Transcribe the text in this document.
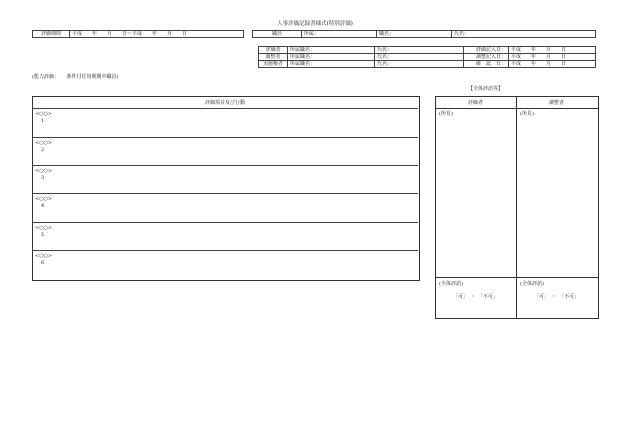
人事評価記録書様式(特別評価)
評価期間	平成　　年　　月　　日〜平成　　年　　月　　日	職員	所属：	職名：	氏名：
評価者	所属職名：	氏名：	評価記入日：	平成　　年　　月　　日
調整者	所属職名：	氏名：	調整記入日：	平成　　年　　月　　日
実施権者	所属職名：	氏名：	確　認　日：	平成　　年　　月　　日
(能力評価：　　条件付任用期間中職員)
【全体評語等】
評価項目及び行動
<○○>
1
<○○>
2
<○○>
3
<○○>
4
<○○>
5
<○○>
6
評価者	調整者
(所見)	(所見)
(全体評語)	(全体評語)
「可」　・　「不可」	「可」　・　「不可」
